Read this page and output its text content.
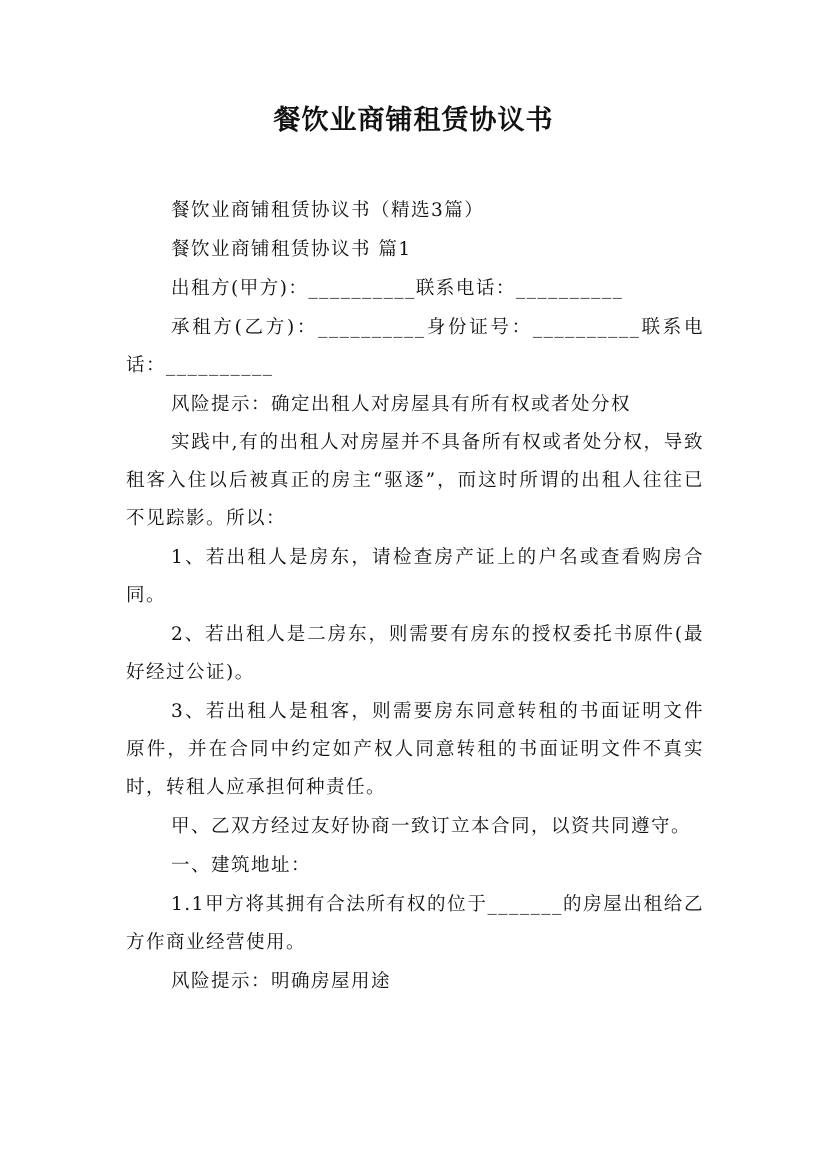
餐饮业商铺租赁协议书

餐饮业商铺租赁协议书（精选3篇）

餐饮业商铺租赁协议书 篇1

出租方(甲方)：__________联系电话：__________

承租方(乙方)：__________身份证号：__________联系电话：__________

风险提示：确定出租人对房屋具有所有权或者处分权

实践中,有的出租人对房屋并不具备所有权或者处分权，导致租客入住以后被真正的房主“驱逐”，而这时所谓的出租人往往已不见踪影。所以：

1、若出租人是房东，请检查房产证上的户名或查看购房合同。

2、若出租人是二房东，则需要有房东的授权委托书原件(最好经过公证)。

3、若出租人是租客，则需要房东同意转租的书面证明文件原件，并在合同中约定如产权人同意转租的书面证明文件不真实时，转租人应承担何种责任。

甲、乙双方经过友好协商一致订立本合同，以资共同遵守。

一、建筑地址：

1.1甲方将其拥有合法所有权的位于_______的房屋出租给乙方作商业经营使用。

风险提示：明确房屋用途
